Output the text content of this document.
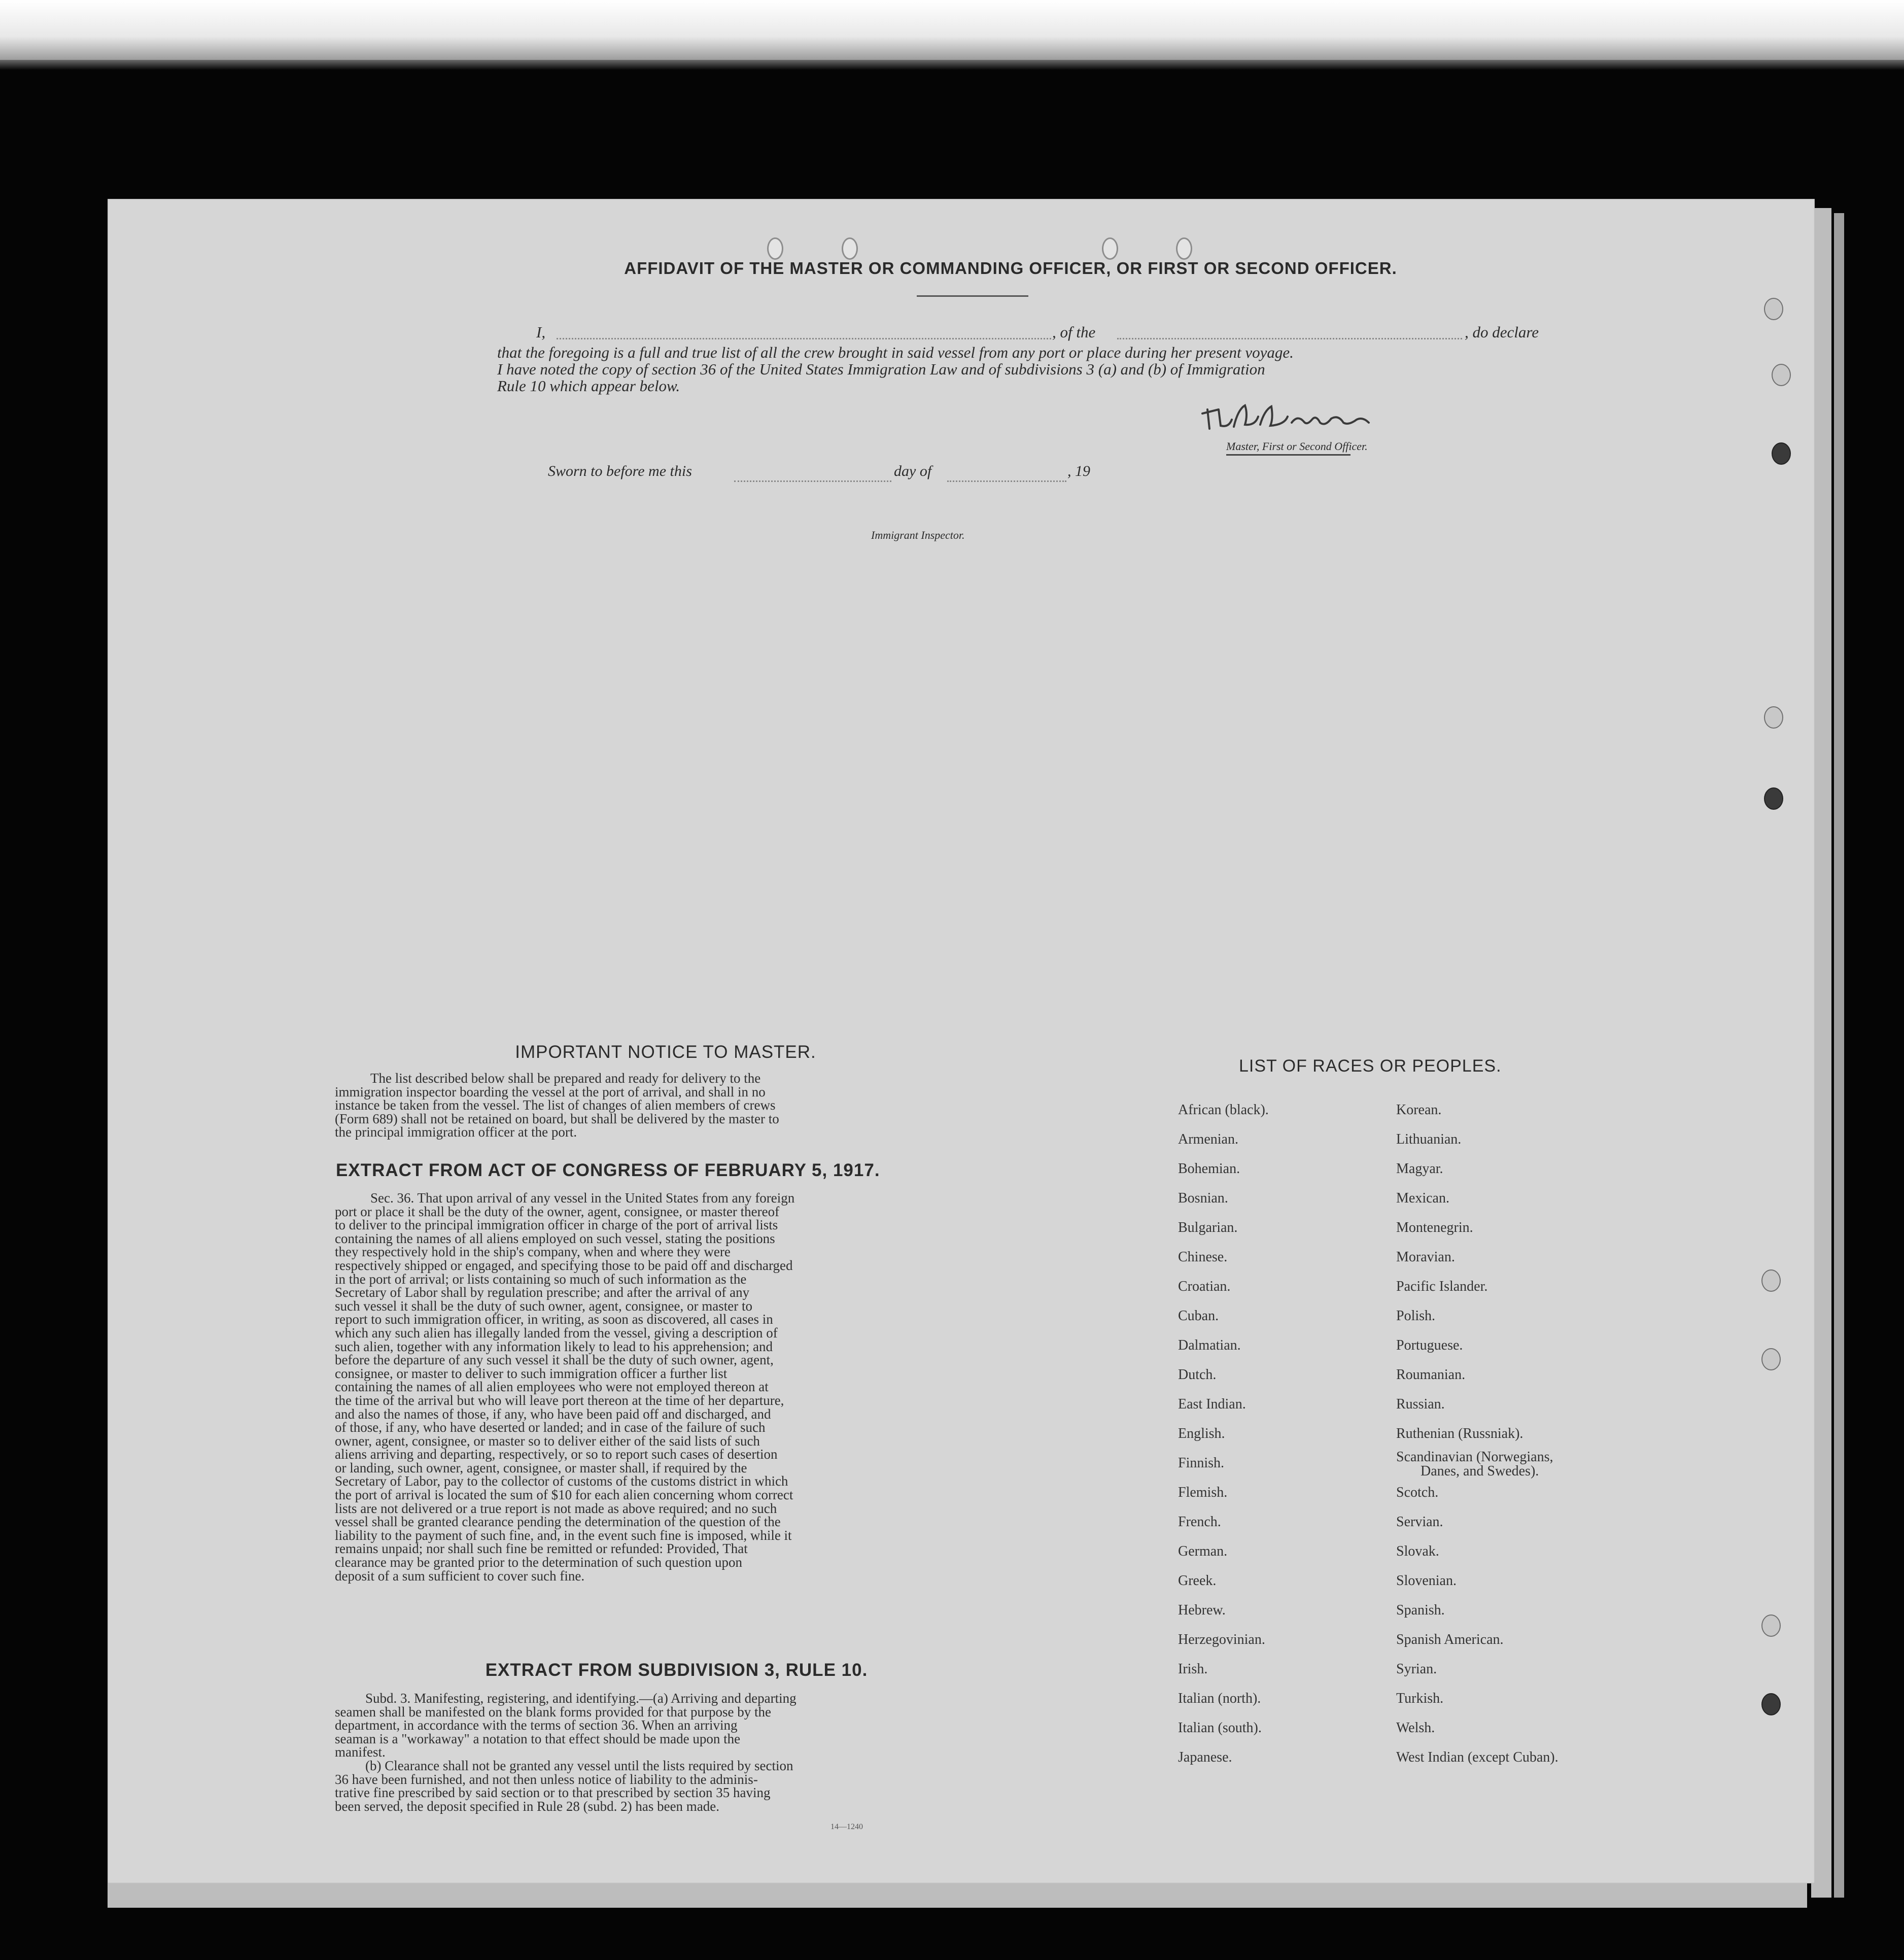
AFFIDAVIT OF THE MASTER OR COMMANDING OFFICER, OR FIRST OR SECOND OFFICER.
I,	, of the	, do declare
that the foregoing is a full and true list of all the crew brought in said vessel from any port or place during her present voyage.
I have noted the copy of section 36 of the United States Immigration Law and of subdivisions 3 (a) and (b) of Immigration
Rule 10 which appear below.
Master, First or Second Officer.
Sworn to before me this	day of	, 19
Immigrant Inspector.
IMPORTANT NOTICE TO MASTER.
The list described below shall be prepared and ready for delivery to the
immigration inspector boarding the vessel at the port of arrival, and shall in no
instance be taken from the vessel. The list of changes of alien members of crews
(Form 689) shall not be retained on board, but shall be delivered by the master to
the principal immigration officer at the port.
EXTRACT FROM ACT OF CONGRESS OF FEBRUARY 5, 1917.
Sec. 36. That upon arrival of any vessel in the United States from any foreign
port or place it shall be the duty of the owner, agent, consignee, or master thereof
to deliver to the principal immigration officer in charge of the port of arrival lists
containing the names of all aliens employed on such vessel, stating the positions
they respectively hold in the ship's company, when and where they were
respectively shipped or engaged, and specifying those to be paid off and discharged
in the port of arrival; or lists containing so much of such information as the
Secretary of Labor shall by regulation prescribe; and after the arrival of any
such vessel it shall be the duty of such owner, agent, consignee, or master to
report to such immigration officer, in writing, as soon as discovered, all cases in
which any such alien has illegally landed from the vessel, giving a description of
such alien, together with any information likely to lead to his apprehension; and
before the departure of any such vessel it shall be the duty of such owner, agent,
consignee, or master to deliver to such immigration officer a further list
containing the names of all alien employees who were not employed thereon at
the time of the arrival but who will leave port thereon at the time of her departure,
and also the names of those, if any, who have been paid off and discharged, and
of those, if any, who have deserted or landed; and in case of the failure of such
owner, agent, consignee, or master so to deliver either of the said lists of such
aliens arriving and departing, respectively, or so to report such cases of desertion
or landing, such owner, agent, consignee, or master shall, if required by the
Secretary of Labor, pay to the collector of customs of the customs district in which
the port of arrival is located the sum of $10 for each alien concerning whom correct
lists are not delivered or a true report is not made as above required; and no such
vessel shall be granted clearance pending the determination of the question of the
liability to the payment of such fine, and, in the event such fine is imposed, while it
remains unpaid; nor shall such fine be remitted or refunded: Provided, That
clearance may be granted prior to the determination of such question upon
deposit of a sum sufficient to cover such fine.
EXTRACT FROM SUBDIVISION 3, RULE 10.
Subd. 3. Manifesting, registering, and identifying.—(a) Arriving and departing
seamen shall be manifested on the blank forms provided for that purpose by the
department, in accordance with the terms of section 36. When an arriving
seaman is a "workaway" a notation to that effect should be made upon the
manifest.
(b) Clearance shall not be granted any vessel until the lists required by section
36 have been furnished, and not then unless notice of liability to the adminis-
trative fine prescribed by said section or to that prescribed by section 35 having
been served, the deposit specified in Rule 28 (subd. 2) has been made.
14—1240
LIST OF RACES OR PEOPLES.
African (black).
Armenian.
Bohemian.
Bosnian.
Bulgarian.
Chinese.
Croatian.
Cuban.
Dalmatian.
Dutch.
East Indian.
English.
Finnish.
Flemish.
French.
German.
Greek.
Hebrew.
Herzegovinian.
Irish.
Italian (north).
Italian (south).
Japanese.
Korean.
Lithuanian.
Magyar.
Mexican.
Montenegrin.
Moravian.
Pacific Islander.
Polish.
Portuguese.
Roumanian.
Russian.
Ruthenian (Russniak).
Scandinavian (Norwegians,
Danes, and Swedes).
Scotch.
Servian.
Slovak.
Slovenian.
Spanish.
Spanish American.
Syrian.
Turkish.
Welsh.
West Indian (except Cuban).
